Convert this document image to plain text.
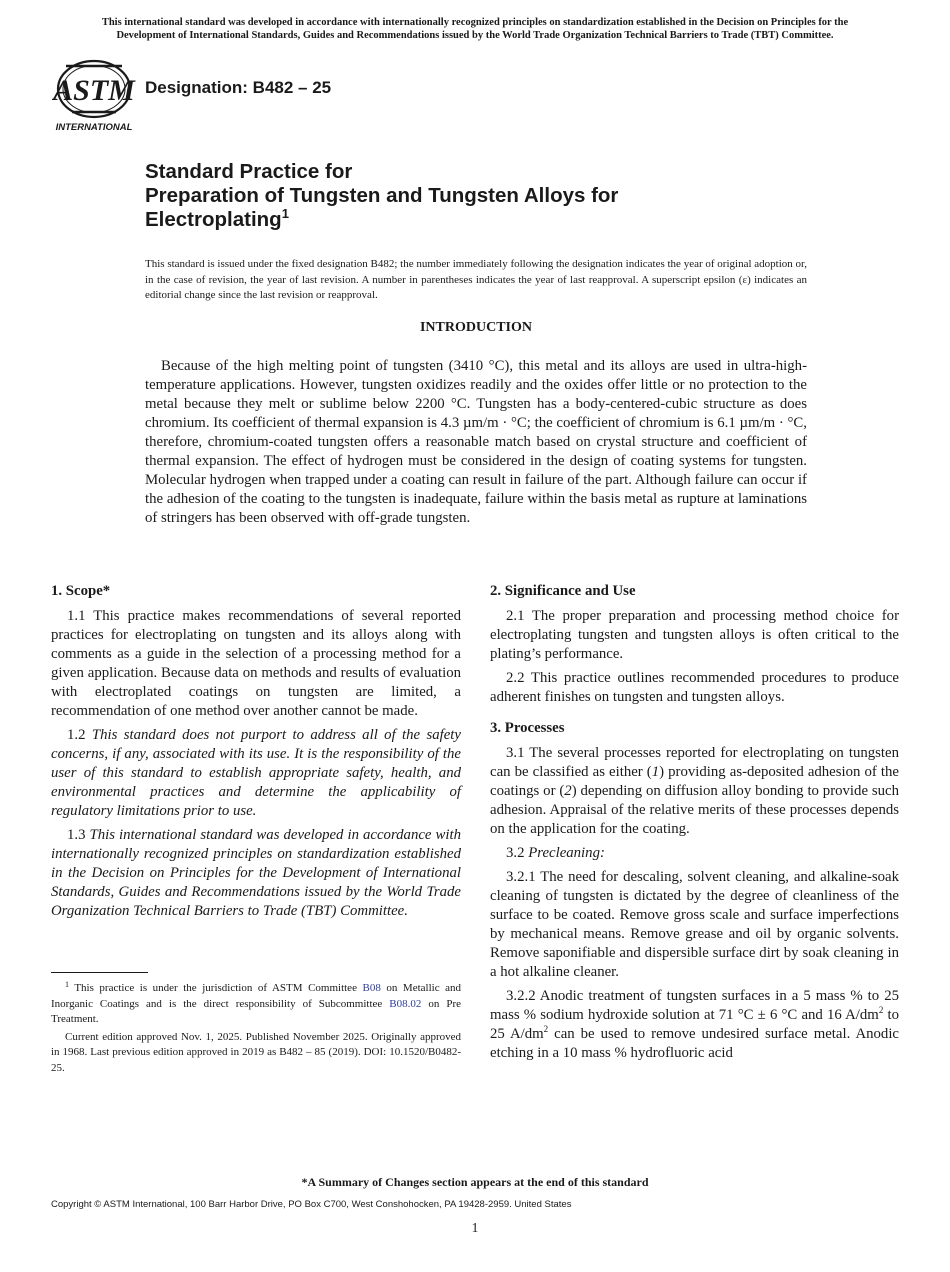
This international standard was developed in accordance with internationally recognized principles on standardization established in the Decision on Principles for the
Development of International Standards, Guides and Recommendations issued by the World Trade Organization Technical Barriers to Trade (TBT) Committee.
ASTM
INTERNATIONAL
Designation: B482 – 25
Standard Practice for
Preparation of Tungsten and Tungsten Alloys for
Electroplating$^1$
This standard is issued under the fixed designation B482; the number immediately following the designation indicates the year of original adoption or, in the case of revision, the year of last revision. A number in parentheses indicates the year of last reapproval. A superscript epsilon (ε) indicates an editorial change since the last revision or reapproval.
INTRODUCTION
Because of the high melting point of tungsten (3410 °C), this metal and its alloys are used in ultra-high-temperature applications. However, tungsten oxidizes readily and the oxides offer little or no protection to the metal because they melt or sublime below 2200 °C. Tungsten has a body-centered-cubic structure as does chromium. Its coefficient of thermal expansion is 4.3 µm/m · °C; the coefficient of chromium is 6.1 µm/m · °C, therefore, chromium-coated tungsten offers a reasonable match based on crystal structure and coefficient of thermal expansion. The effect of hydrogen must be considered in the design of coating systems for tungsten. Molecular hydrogen when trapped under a coating can result in failure of the part. Although failure can occur if the adhesion of the coating to the tungsten is inadequate, failure within the basis metal as rupture at laminations of stringers has been observed with off-grade tungsten.
1. Scope*

1.1 This practice makes recommendations of several reported practices for electroplating on tungsten and its alloys along with comments as a guide in the selection of a processing method for a given application. Because data on methods and results of evaluation with electroplated coatings on tungsten are limited, a recommendation of one method over another cannot be made.

1.2 This standard does not purport to address all of the safety concerns, if any, associated with its use. It is the responsibility of the user of this standard to establish appropriate safety, health, and environmental practices and determine the applicability of regulatory limitations prior to use.

1.3 This international standard was developed in accordance with internationally recognized principles on standardization established in the Decision on Principles for the Development of International Standards, Guides and Recommendations issued by the World Trade Organization Technical Barriers to Trade (TBT) Committee.

$^1$ This practice is under the jurisdiction of ASTM Committee B08 on Metallic and Inorganic Coatings and is the direct responsibility of Subcommittee B08.02 on Pre Treatment.

Current edition approved Nov. 1, 2025. Published November 2025. Originally approved in 1968. Last previous edition approved in 2019 as B482 – 85 (2019). DOI: 10.1520/B0482-25.

2. Significance and Use

2.1 The proper preparation and processing method choice for electroplating tungsten and tungsten alloys is often critical to the plating’s performance.

2.2 This practice outlines recommended procedures to produce adherent finishes on tungsten and tungsten alloys.

3. Processes

3.1 The several processes reported for electroplating on tungsten can be classified as either (1) providing as-deposited adhesion of the coatings or (2) depending on diffusion alloy bonding to provide such adhesion. Appraisal of the relative merits of these processes depends on the application for the coating.

3.2 Precleaning:

3.2.1 The need for descaling, solvent cleaning, and alkaline-soak cleaning of tungsten is dictated by the degree of cleanliness of the surface to be coated. Remove gross scale and surface imperfections by mechanical means. Remove grease and oil by organic solvents. Remove saponifiable and dispersible surface dirt by soak cleaning in a hot alkaline cleaner.

3.2.2 Anodic treatment of tungsten surfaces in a 5 mass % to 25 mass % sodium hydroxide solution at 71 °C ± 6 °C and 16 $A/dm^2$ to 25 $A/dm^2$ can be used to remove undesired surface metal. Anodic etching in a 10 mass % hydrofluoric acid

*A Summary of Changes section appears at the end of this standard
Copyright © ASTM International, 100 Barr Harbor Drive, PO Box C700, West Conshohocken, PA 19428-2959. United States
1
